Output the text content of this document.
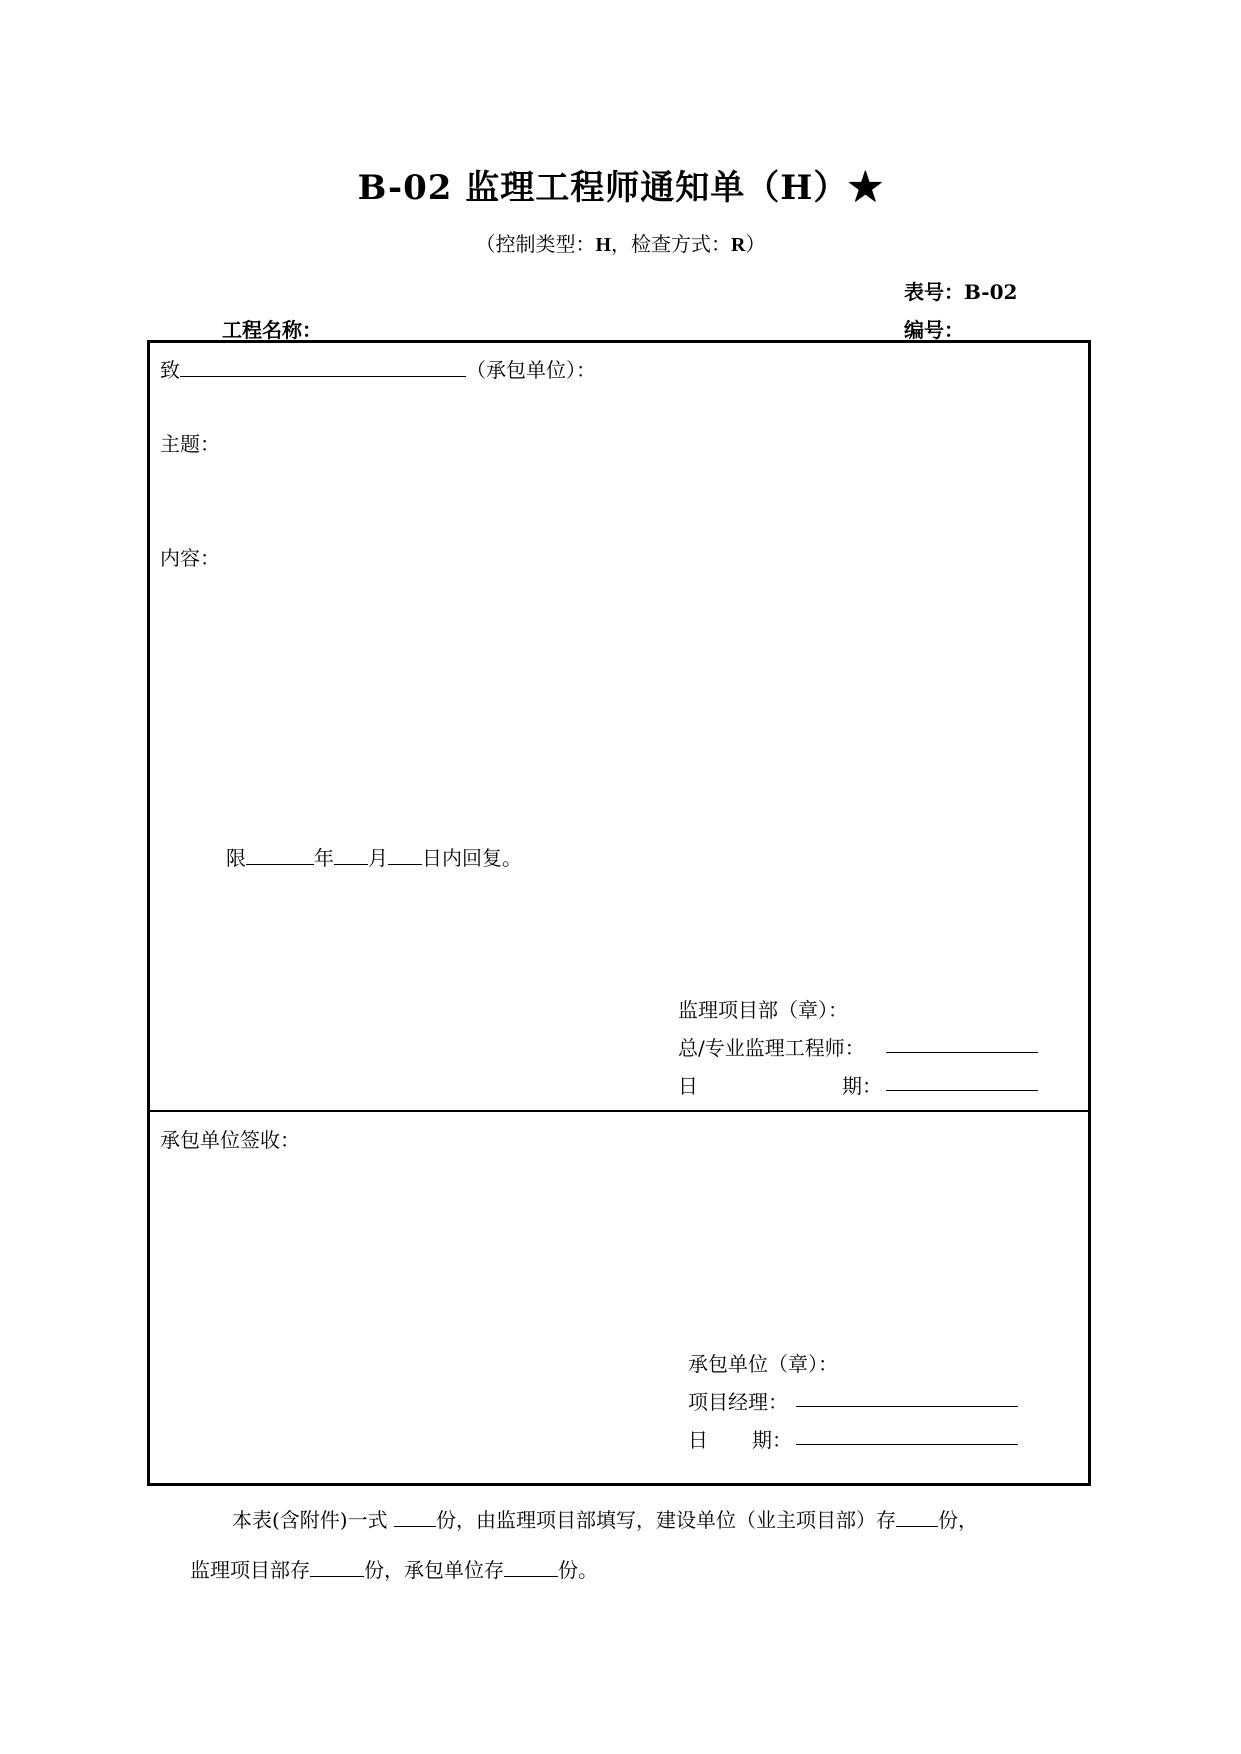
B-02 监理工程师通知单（H）★
（控制类型：H，检查方式：R）
表号：B-02
工程名称：	编号：
致	（承包单位）：
主题：
内容：
限	年 月 日内回复。
监理项目部（章）：
总/专业监理工程师：
日	期：
承包单位签收：
承包单位（章）：
项目经理：
日 期：
本表(含附件)一式 份，由监理项目部填写，建设单位（业主项目部）存 份，
监理项目部存	份，承包单位存	份。
